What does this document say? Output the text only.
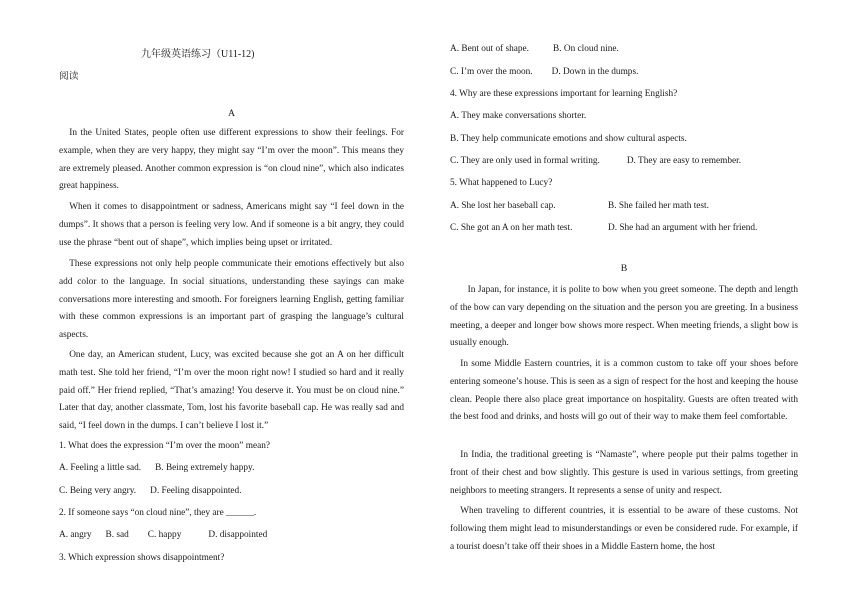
九年级英语练习（U11-12)
阅读
A
In the United States, people often use different expressions to show their feelings. For example, when they are very happy, they might say “I’m over the moon”. This means they are extremely pleased. Another common expression is “on cloud nine”, which also indicates great happiness.
When it comes to disappointment or sadness, Americans might say “I feel down in the dumps”. It shows that a person is feeling very low. And if someone is a bit angry, they could use the phrase “bent out of shape”, which implies being upset or irritated.
These expressions not only help people communicate their emotions effectively but also add color to the language. In social situations, understanding these sayings can make conversations more interesting and smooth. For foreigners learning English, getting familiar with these common expressions is an important part of grasping the language’s cultural aspects.
One day, an American student, Lucy, was excited because she got an A on her difficult math test. She told her friend, “I’m over the moon right now! I studied so hard and it really paid off.” Her friend replied, “That’s amazing! You deserve it. You must be on cloud nine.” Later that day, another classmate, Tom, lost his favorite baseball cap. He was really sad and said, “I feel down in the dumps. I can’t believe I lost it.”
1. What does the expression “I’m over the moon” mean?
A. Feeling a little sad. B. Being extremely happy.
C. Being very angry. D. Feeling disappointed.
2. If someone says “on cloud nine”, they are ______.
A. angry B. sad C. happy	D. disappointed
3. Which expression shows disappointment?
A. Bent out of shape.	B. On cloud nine.
C. I’m over the moon. D. Down in the dumps.
4. Why are these expressions important for learning English?
A. They make conversations shorter.
B. They help communicate emotions and show cultural aspects.
C. They are only used in formal writing.	D. They are easy to remember.
5. What happened to Lucy?
A. She lost her baseball cap.	B. She failed her math test.
C. She got an A on her math test.	D. She had an argument with her friend.
B
In Japan, for instance, it is polite to bow when you greet someone. The depth and length of the bow can vary depending on the situation and the person you are greeting. In a business meeting, a deeper and longer bow shows more respect. When meeting friends, a slight bow is usually enough.
In some Middle Eastern countries, it is a common custom to take off your shoes before entering someone’s house. This is seen as a sign of respect for the host and keeping the house clean. People there also place great importance on hospitality. Guests are often treated with the best food and drinks, and hosts will go out of their way to make them feel comfortable.
In India, the traditional greeting is “Namaste”, where people put their palms together in front of their chest and bow slightly. This gesture is used in various settings, from greeting neighbors to meeting strangers. It represents a sense of unity and respect.
When traveling to different countries, it is essential to be aware of these customs. Not following them might lead to misunderstandings or even be considered rude. For example, if a tourist doesn’t take off their shoes in a Middle Eastern home, the host
